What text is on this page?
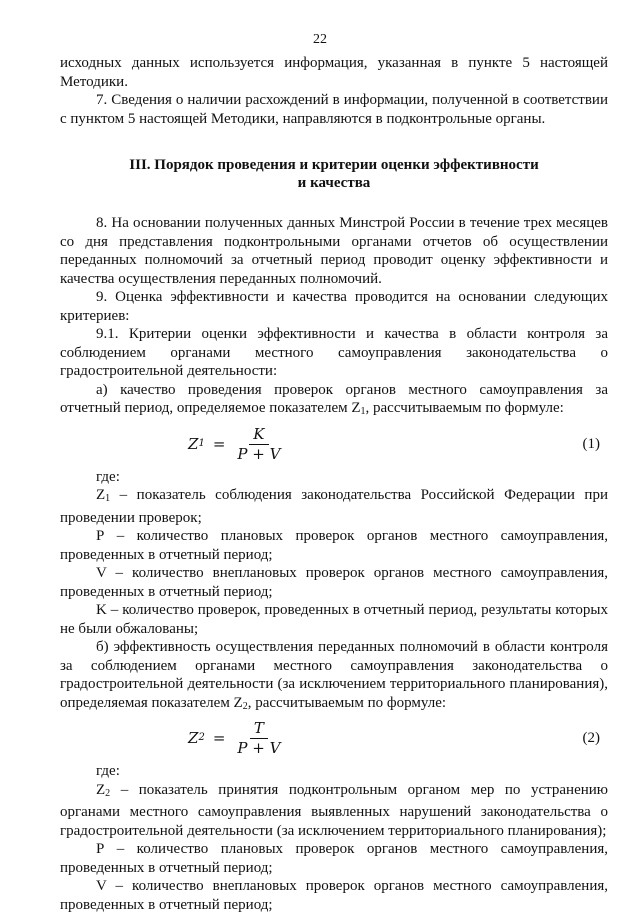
22

исходных данных используется информация, указанная в пункте 5 настоящей Методики.

7. Сведения о наличии расхождений в информации, полученной в соответствии с пунктом 5 настоящей Методики, направляются в подконтрольные органы.

III. Порядок проведения и критерии оценки эффективности
и качества

8. На основании полученных данных Минстрой России в течение трех месяцев со дня представления подконтрольными органами отчетов об осуществлении переданных полномочий за отчетный период проводит оценку эффективности и качества осуществления переданных полномочий.

9. Оценка эффективности и качества проводится на основании следующих критериев:

9.1. Критерии оценки эффективности и качества в области контроля за соблюдением органами местного самоуправления законодательства о градостроительной деятельности:

а) качество проведения проверок органов местного самоуправления за отчетный период, определяемое показателем $Z_1$, рассчитываемым по формуле:

Z $1 = \frac{K}{P + V}$	(1)

где:

$Z_1$ – показатель соблюдения законодательства Российской Федерации при проведении проверок;

Р – количество плановых проверок органов местного самоуправления, проведенных в отчетный период;

V – количество внеплановых проверок органов местного самоуправления, проведенных в отчетный период;

K – количество проверок, проведенных в отчетный период, результаты которых не были обжалованы;

б) эффективность осуществления переданных полномочий в области контроля за соблюдением органами местного самоуправления законодательства о градостроительной деятельности (за исключением территориального планирования), определяемая показателем $Z_2$, рассчитываемым по формуле:

Z $2 = \frac{T}{P + V}$	(2)

где:

$Z_2$ – показатель принятия подконтрольным органом мер по устранению органами местного самоуправления выявленных нарушений законодательства о градостроительной деятельности (за исключением территориального планирования);

Р – количество плановых проверок органов местного самоуправления, проведенных в отчетный период;

V – количество внеплановых проверок органов местного самоуправления, проведенных в отчетный период;
